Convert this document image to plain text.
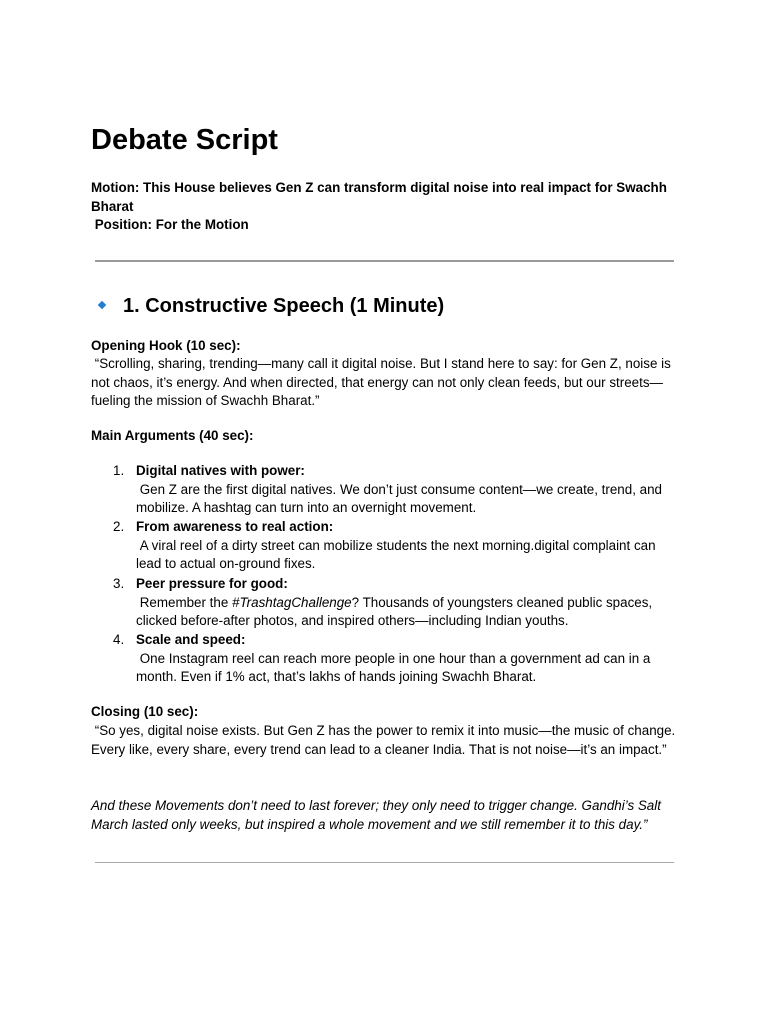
Debate Script

Motion: This House believes Gen Z can transform digital noise into real impact for Swachh Bharat

Position: For the Motion

1. Constructive Speech (1 Minute)

Opening Hook (10 sec):

“Scrolling, sharing, trending—many call it digital noise. But I stand here to say: for Gen Z, noise is not chaos, it’s energy. And when directed, that energy can not only clean feeds, but our streets—fueling the mission of Swachh Bharat.”

Main Arguments (40 sec):

1. Digital natives with power:
Gen Z are the first digital natives. We don’t just consume content—we create, trend, and mobilize. A hashtag can turn into an overnight movement.
2. From awareness to real action:
A viral reel of a dirty street can mobilize students the next morning.digital complaint can lead to actual on-ground fixes.
3. Peer pressure for good:
Remember the #TrashtagChallenge? Thousands of youngsters cleaned public spaces, clicked before-after photos, and inspired others—including Indian youths.
4. Scale and speed:
One Instagram reel can reach more people in one hour than a government ad can in a month. Even if 1% act, that’s lakhs of hands joining Swachh Bharat.

Closing (10 sec):

“So yes, digital noise exists. But Gen Z has the power to remix it into music—the music of change. Every like, every share, every trend can lead to a cleaner India. That is not noise—it’s an impact.”

And these Movements don’t need to last forever; they only need to trigger change. Gandhi’s Salt March lasted only weeks, but inspired a whole movement and we still remember it to this day.”
